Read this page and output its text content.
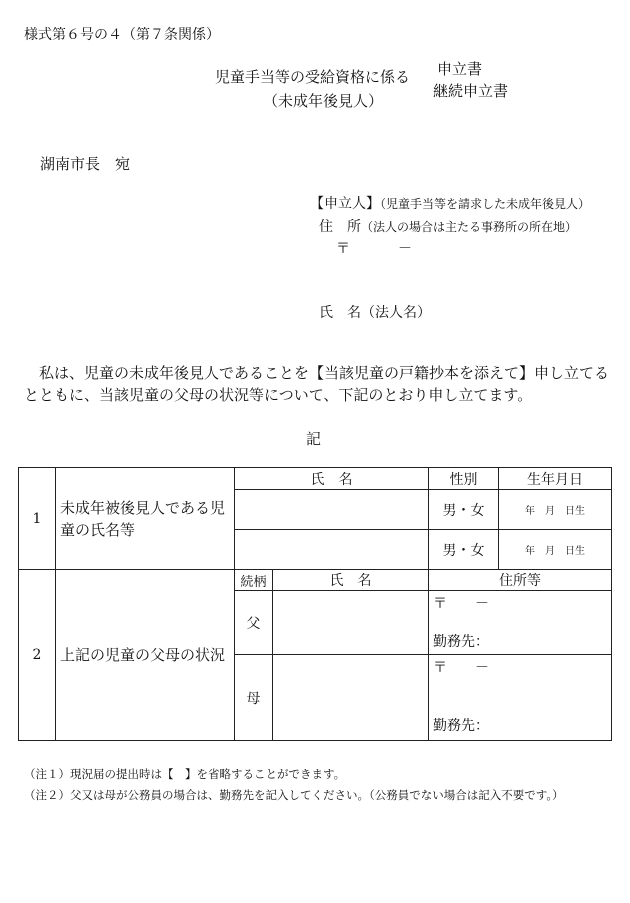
様式第６号の４（第７条関係）
児童手当等の受給資格に係る
（未成年後見人）
申立書
継続申立書
湖南市長　宛
【申立人】（児童手当等を請求した未成年後見人）
住　所（法人の場合は主たる事務所の所在地）
〒	－
氏　名（法人名）
私は、児童の未成年後見人であることを【当該児童の戸籍抄本を添えて】申し立てるとともに、当該児童の父母の状況等について、下記のとおり申し立てます。
記
1	未成年被後見人である児童の氏名等	氏　名		性別	生年月日
				男・女	年　月　日生
				男・女	年　月　日生
2	上記の児童の父母の状況	続柄	氏　名	住所等	
		父		〒　　－
勤務先：	

		母		〒　　－
勤務先：	
（注１）現況届の提出時は【　】を省略することができます。
（注２）父又は母が公務員の場合は、勤務先を記入してください。（公務員でない場合は記入不要です。）
